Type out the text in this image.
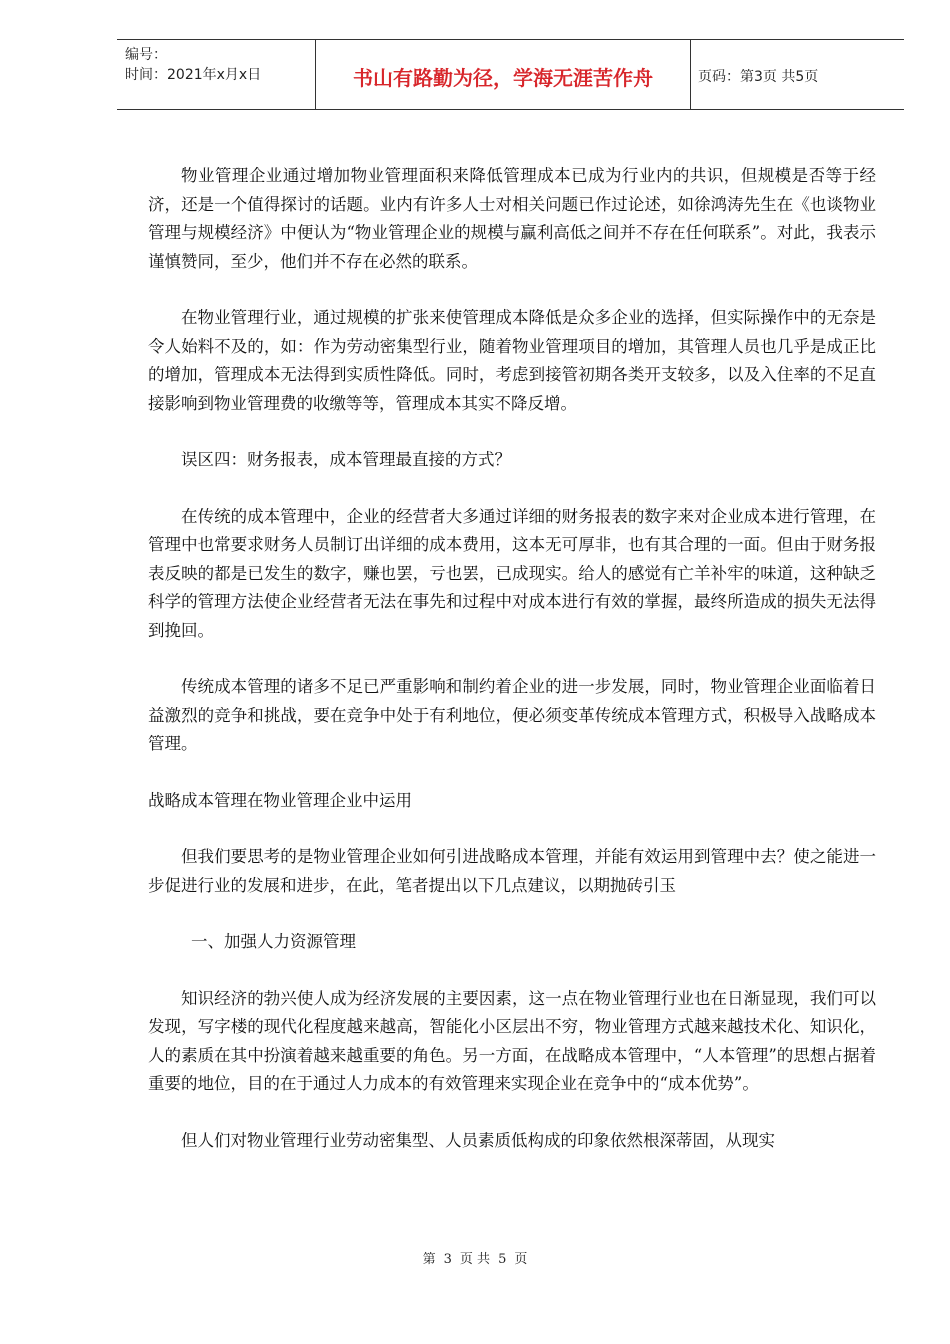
编号：
时间：2021年x月x日	书山有路勤为径，学海无涯苦作舟	页码：第3页 共5页

物业管理企业通过增加物业管理面积来降低管理成本已成为行业内的共识，但规模是否等于经济，还是一个值得探讨的话题。业内有许多人士对相关问题已作过论述，如徐鸿涛先生在《也谈物业管理与规模经济》中便认为“物业管理企业的规模与赢利高低之间并不存在任何联系”。对此，我表示谨慎赞同，至少，他们并不存在必然的联系。

在物业管理行业，通过规模的扩张来使管理成本降低是众多企业的选择，但实际操作中的无奈是令人始料不及的，如：作为劳动密集型行业，随着物业管理项目的增加，其管理人员也几乎是成正比的增加，管理成本无法得到实质性降低。同时，考虑到接管初期各类开支较多，以及入住率的不足直接影响到物业管理费的收缴等等，管理成本其实不降反增。

误区四：财务报表，成本管理最直接的方式？

在传统的成本管理中，企业的经营者大多通过详细的财务报表的数字来对企业成本进行管理，在管理中也常要求财务人员制订出详细的成本费用，这本无可厚非，也有其合理的一面。但由于财务报表反映的都是已发生的数字，赚也罢，亏也罢，已成现实。给人的感觉有亡羊补牢的味道，这种缺乏科学的管理方法使企业经营者无法在事先和过程中对成本进行有效的掌握，最终所造成的损失无法得到挽回。

传统成本管理的诸多不足已严重影响和制约着企业的进一步发展，同时，物业管理企业面临着日益激烈的竞争和挑战，要在竞争中处于有利地位，便必须变革传统成本管理方式，积极导入战略成本管理。

战略成本管理在物业管理企业中运用

但我们要思考的是物业管理企业如何引进战略成本管理，并能有效运用到管理中去？使之能进一步促进行业的发展和进步，在此，笔者提出以下几点建议，以期抛砖引玉

一、加强人力资源管理

知识经济的勃兴使人成为经济发展的主要因素，这一点在物业管理行业也在日渐显现，我们可以发现，写字楼的现代化程度越来越高，智能化小区层出不穷，物业管理方式越来越技术化、知识化，人的素质在其中扮演着越来越重要的角色。另一方面，在战略成本管理中，“人本管理”的思想占据着重要的地位，目的在于通过人力成本的有效管理来实现企业在竞争中的“成本优势”。

但人们对物业管理行业劳动密集型、人员素质低构成的印象依然根深蒂固，从现实

第 3 页 共 5 页
